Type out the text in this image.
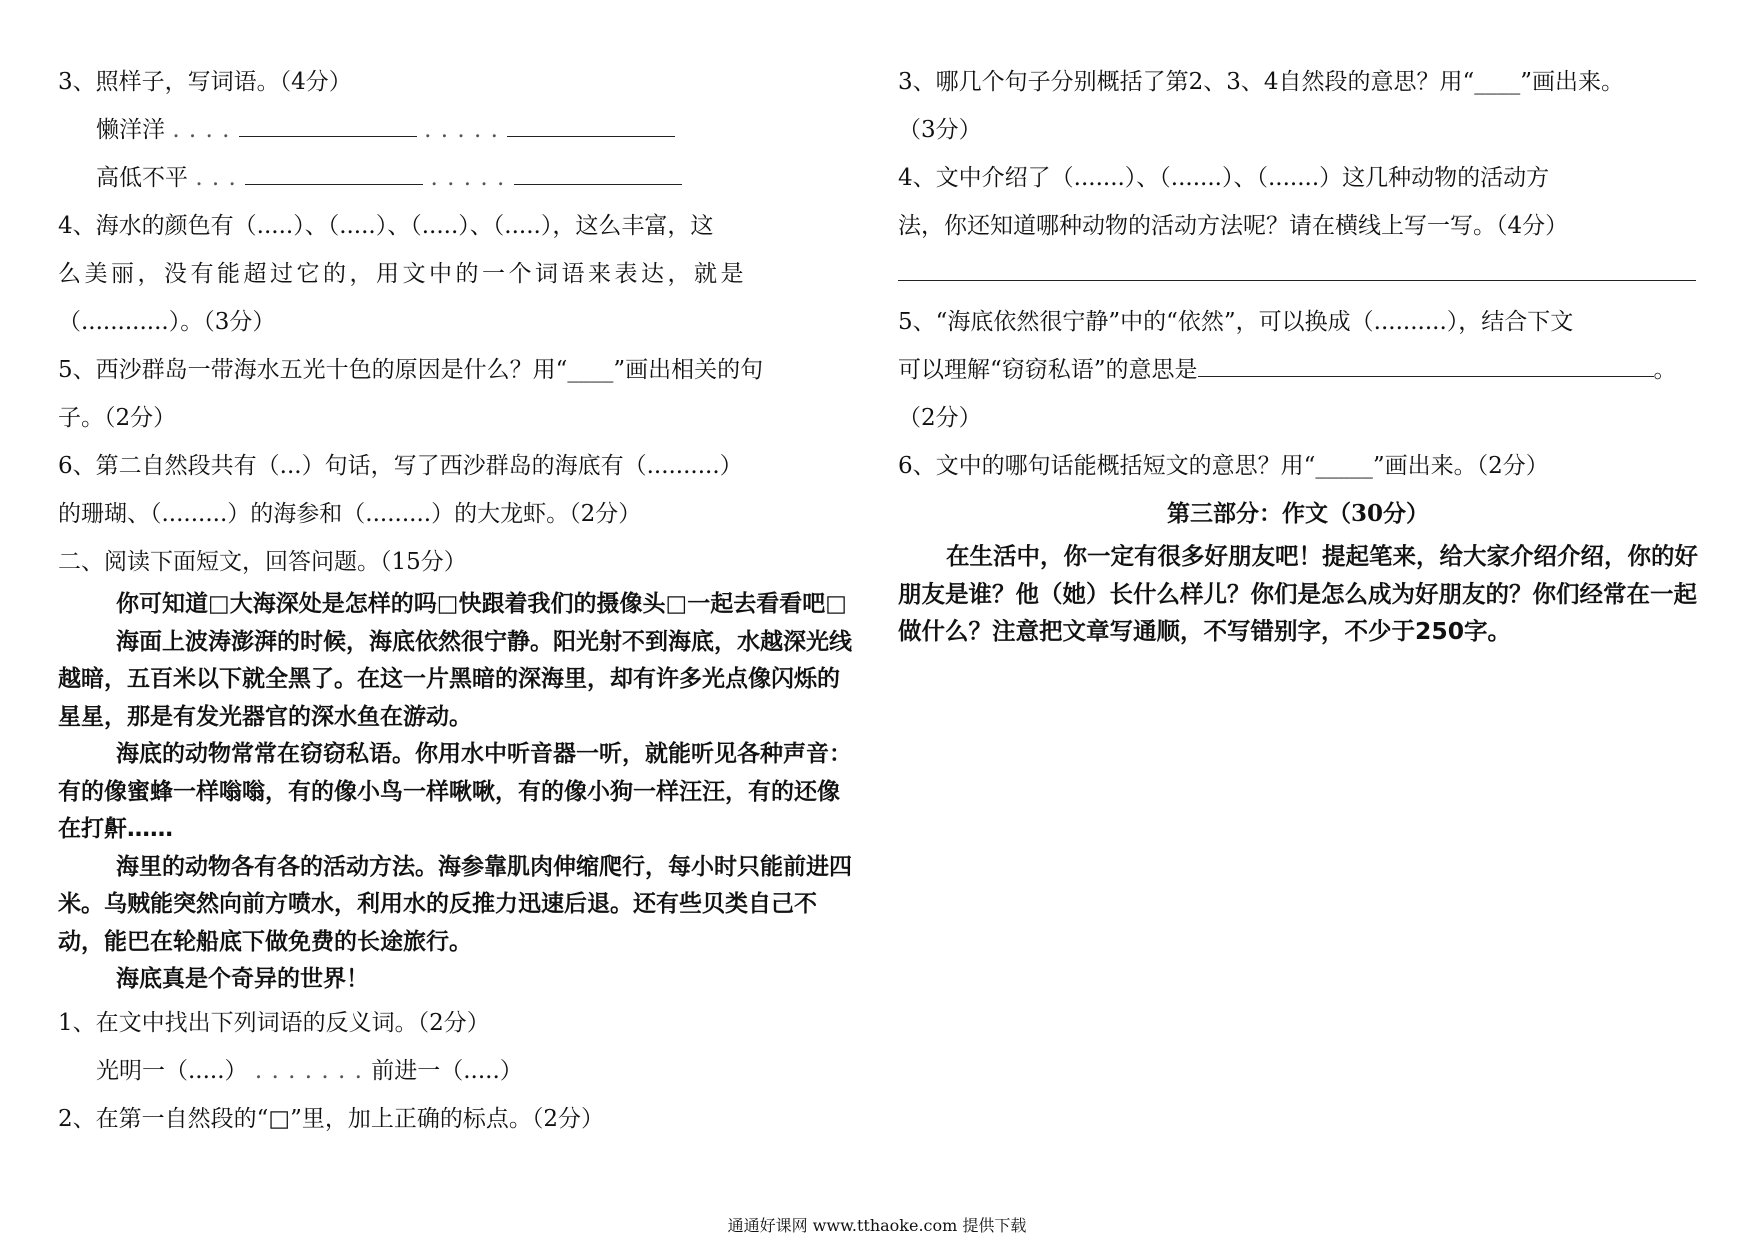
3、照样子，写词语。（4分）
懒洋洋 . . . .	. . . . .
高低不平 . . .	. . . . .
4、海水的颜色有（.....）、（.....）、（.....）、（.....），这么丰富，这
么美丽，没有能超过它的，用文中的一个词语来表达，就是
（............）。（3分）
5、西沙群岛一带海水五光十色的原因是什么？用“____”画出相关的句
子。（2分）
6、第二自然段共有（...）句话，写了西沙群岛的海底有（..........）
的珊瑚、（.........）的海参和（.........）的大龙虾。（2分）
二、阅读下面短文，回答问题。（15分）

你可知道□大海深处是怎样的吗□快跟着我们的摄像头□一起去看看吧□

海面上波涛澎湃的时候，海底依然很宁静。阳光射不到海底，水越深光线越暗，五百米以下就全黑了。在这一片黑暗的深海里，却有许多光点像闪烁的星星，那是有发光器官的深水鱼在游动。

海底的动物常常在窃窃私语。你用水中听音器一听，就能听见各种声音：有的像蜜蜂一样嗡嗡，有的像小鸟一样啾啾，有的像小狗一样汪汪，有的还像在打鼾……

海里的动物各有各的活动方法。海参靠肌肉伸缩爬行，每小时只能前进四米。乌贼能突然向前方喷水，利用水的反推力迅速后退。还有些贝类自己不动，能巴在轮船底下做免费的长途旅行。

海底真是个奇异的世界！

1、在文中找出下列词语的反义词。（2分）
光明一（.....） . . . . . . . 前进一（.....）
2、在第一自然段的“□”里，加上正确的标点。（2分）
3、哪几个句子分别概括了第2、3、4自然段的意思？用“____”画出来。
（3分）
4、文中介绍了（.......）、（.......）、（.......）这几种动物的活动方
法，你还知道哪种动物的活动方法呢？请在横线上写一写。（4分）
5、“海底依然很宁静”中的“依然”，可以换成（..........），结合下文
可以理解“窃窃私语”的意思是	。
（2分）
6、文中的哪句话能概括短文的意思？用“_____”画出来。（2分）
第三部分：作文（30分）

在生活中，你一定有很多好朋友吧！提起笔来，给大家介绍介绍，你的好朋友是谁？他（她）长什么样儿？你们是怎么成为好朋友的？你们经常在一起做什么？注意把文章写通顺，不写错别字，不少于250字。

通通好课网 www.tthaoke.com 提供下载
